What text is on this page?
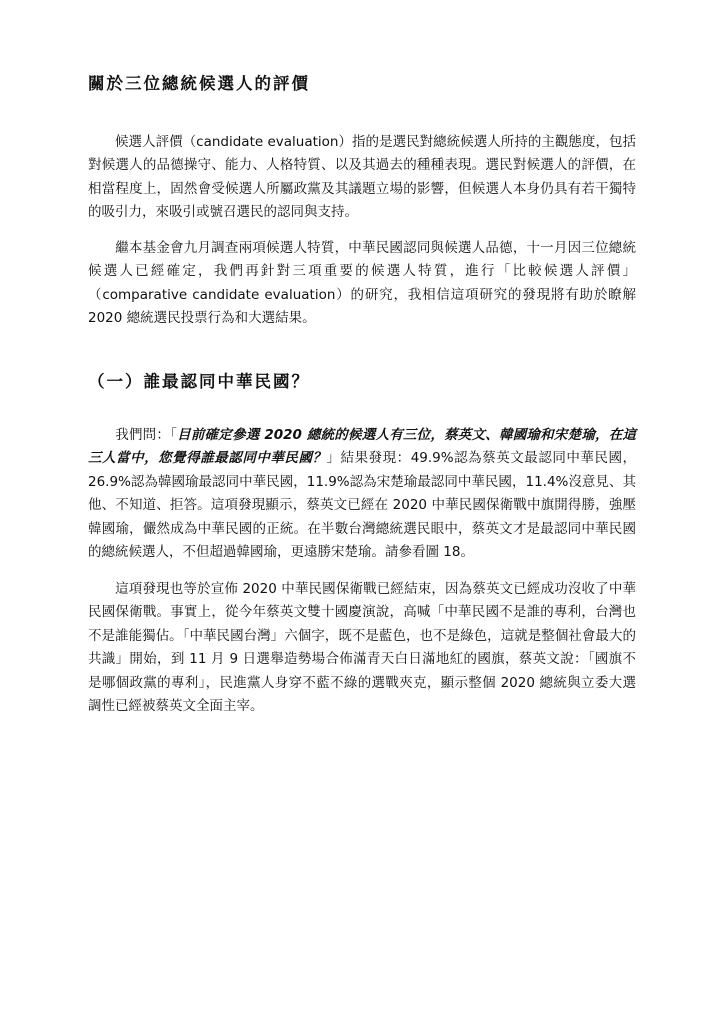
關於三位總統候選人的評價

候選人評價（candidate evaluation）指的是選民對總統候選人所持的主觀態度，包括對候選人的品德操守、能力、人格特質、以及其過去的種種表現。選民對候選人的評價，在相當程度上，固然會受候選人所屬政黨及其議題立場的影響，但候選人本身仍具有若干獨特的吸引力，來吸引或號召選民的認同與支持。

繼本基金會九月調查兩項候選人特質，中華民國認同與候選人品德，十一月因三位總統候選人已經確定，我們再針對三項重要的候選人特質，進行「比較候選人評價」（comparative candidate evaluation）的研究，我相信這項研究的發現將有助於瞭解 2020 總統選民投票行為和大選結果。

（一）誰最認同中華民國？

我們問：「目前確定參選 2020 總統的候選人有三位，蔡英文、韓國瑜和宋楚瑜，在這三人當中，您覺得誰最認同中華民國？」結果發現：49.9%認為蔡英文最認同中華民國，26.9%認為韓國瑜最認同中華民國，11.9%認為宋楚瑜最認同中華民國，11.4%沒意見、其他、不知道、拒答。這項發現顯示，蔡英文已經在 2020 中華民國保衛戰中旗開得勝，強壓韓國瑜，儼然成為中華民國的正統。在半數台灣總統選民眼中，蔡英文才是最認同中華民國的總統候選人，不但超過韓國瑜，更遠勝宋楚瑜。請參看圖 18。

這項發現也等於宣佈 2020 中華民國保衛戰已經結束，因為蔡英文已經成功沒收了中華民國保衛戰。事實上，從今年蔡英文雙十國慶演說，高喊「中華民國不是誰的專利，台灣也不是誰能獨佔。「中華民國台灣」六個字，既不是藍色，也不是綠色，這就是整個社會最大的共識」開始，到 11 月 9 日選舉造勢場合佈滿青天白日滿地紅的國旗，蔡英文說：「國旗不是哪個政黨的專利」，民進黨人身穿不藍不綠的選戰夾克，顯示整個 2020 總統與立委大選調性已經被蔡英文全面主宰。
